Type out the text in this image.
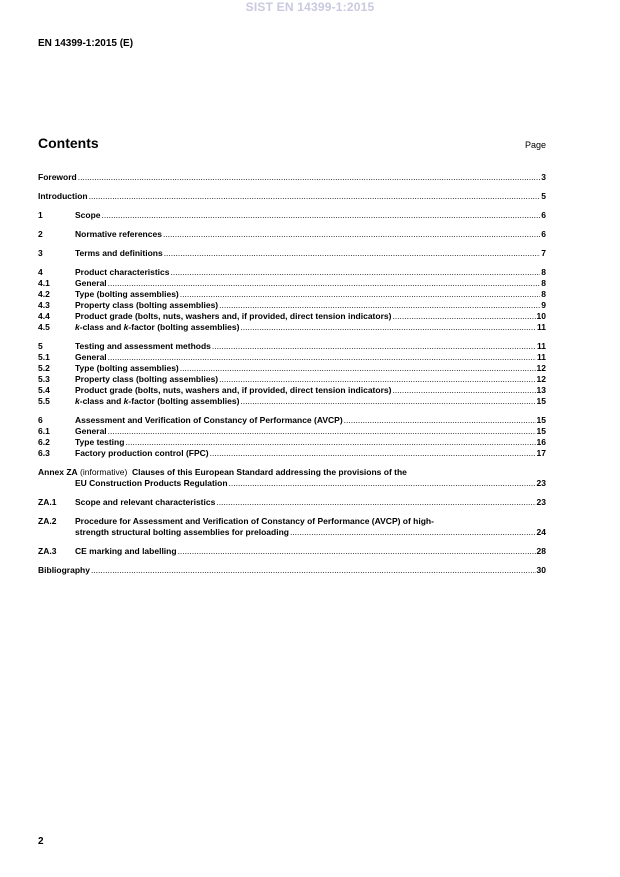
SIST EN 14399-1:2015
EN 14399-1:2015 (E)
Contents	Page
Foreword .....	3
Introduction .....	5
1	Scope .....	6
2	Normative references .....	6
3	Terms and definitions .....	7
4	Product characteristics .....	8
4.1	General .....	8
4.2	Type (bolting assemblies) .....	8
4.3	Property class (bolting assemblies) .....	9
4.4	Product grade (bolts, nuts, washers and, if provided, direct tension indicators) .....	10
4.5	k-class and k-factor (bolting assemblies) .....	11
5	Testing and assessment methods .....	11
5.1	General .....	11
5.2	Type (bolting assemblies) .....	12
5.3	Property class (bolting assemblies) .....	12
5.4	Product grade (bolts, nuts, washers and, if provided, direct tension indicators) .....	13
5.5	k-class and k-factor (bolting assemblies) .....	15
6	Assessment and Verification of Constancy of Performance (AVCP) .....	15
6.1	General .....	15
6.2	Type testing .....	16
6.3	Factory production control (FPC) .....	17
Annex ZA
(informative)
Clauses of this European Standard addressing the provisions of the
EU Construction Products Regulation .....	23
ZA.1	Scope and relevant characteristics .....	23
ZA.2	Procedure for Assessment and Verification of Constancy of Performance (AVCP) of high-
strength structural bolting assemblies for preloading .....	24
ZA.3	CE marking and labelling .....	28
Bibliography .....	30
2
